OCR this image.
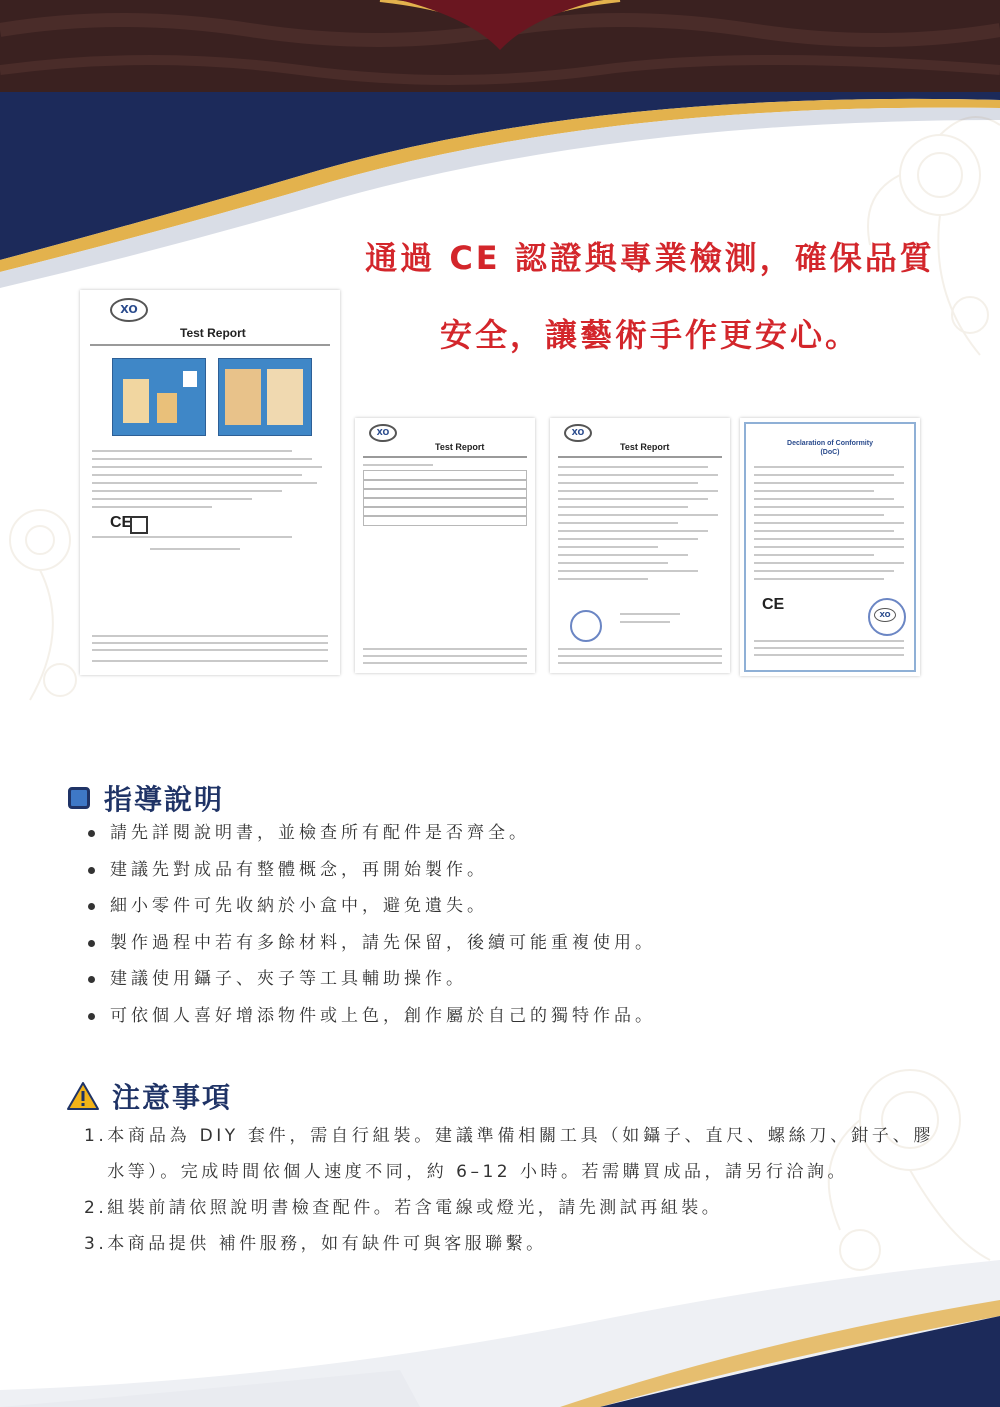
通過 CE 認證與專業檢測，確保品質
安全，讓藝術手作更安心。
XO
Test Report
CE
XO
Test Report
XO
Test Report	Declaration of Conformity
(DoC)
CE
XO
指導說明
請先詳閱說明書，並檢查所有配件是否齊全。
建議先對成品有整體概念，再開始製作。
細小零件可先收納於小盒中，避免遺失。
製作過程中若有多餘材料，請先保留，後續可能重複使用。
建議使用鑷子、夾子等工具輔助操作。
可依個人喜好增添物件或上色，創作屬於自己的獨特作品。
注意事項
1. 本商品為 DIY 套件，需自行組裝。建議準備相關工具（如鑷子、直尺、螺絲刀、鉗子、膠水等）。完成時間依個人速度不同，約 6–12 小時。若需購買成品，請另行洽詢。
2. 組裝前請依照說明書檢查配件。若含電線或燈光，請先測試再組裝。
3. 本商品提供 補件服務，如有缺件可與客服聯繫。
